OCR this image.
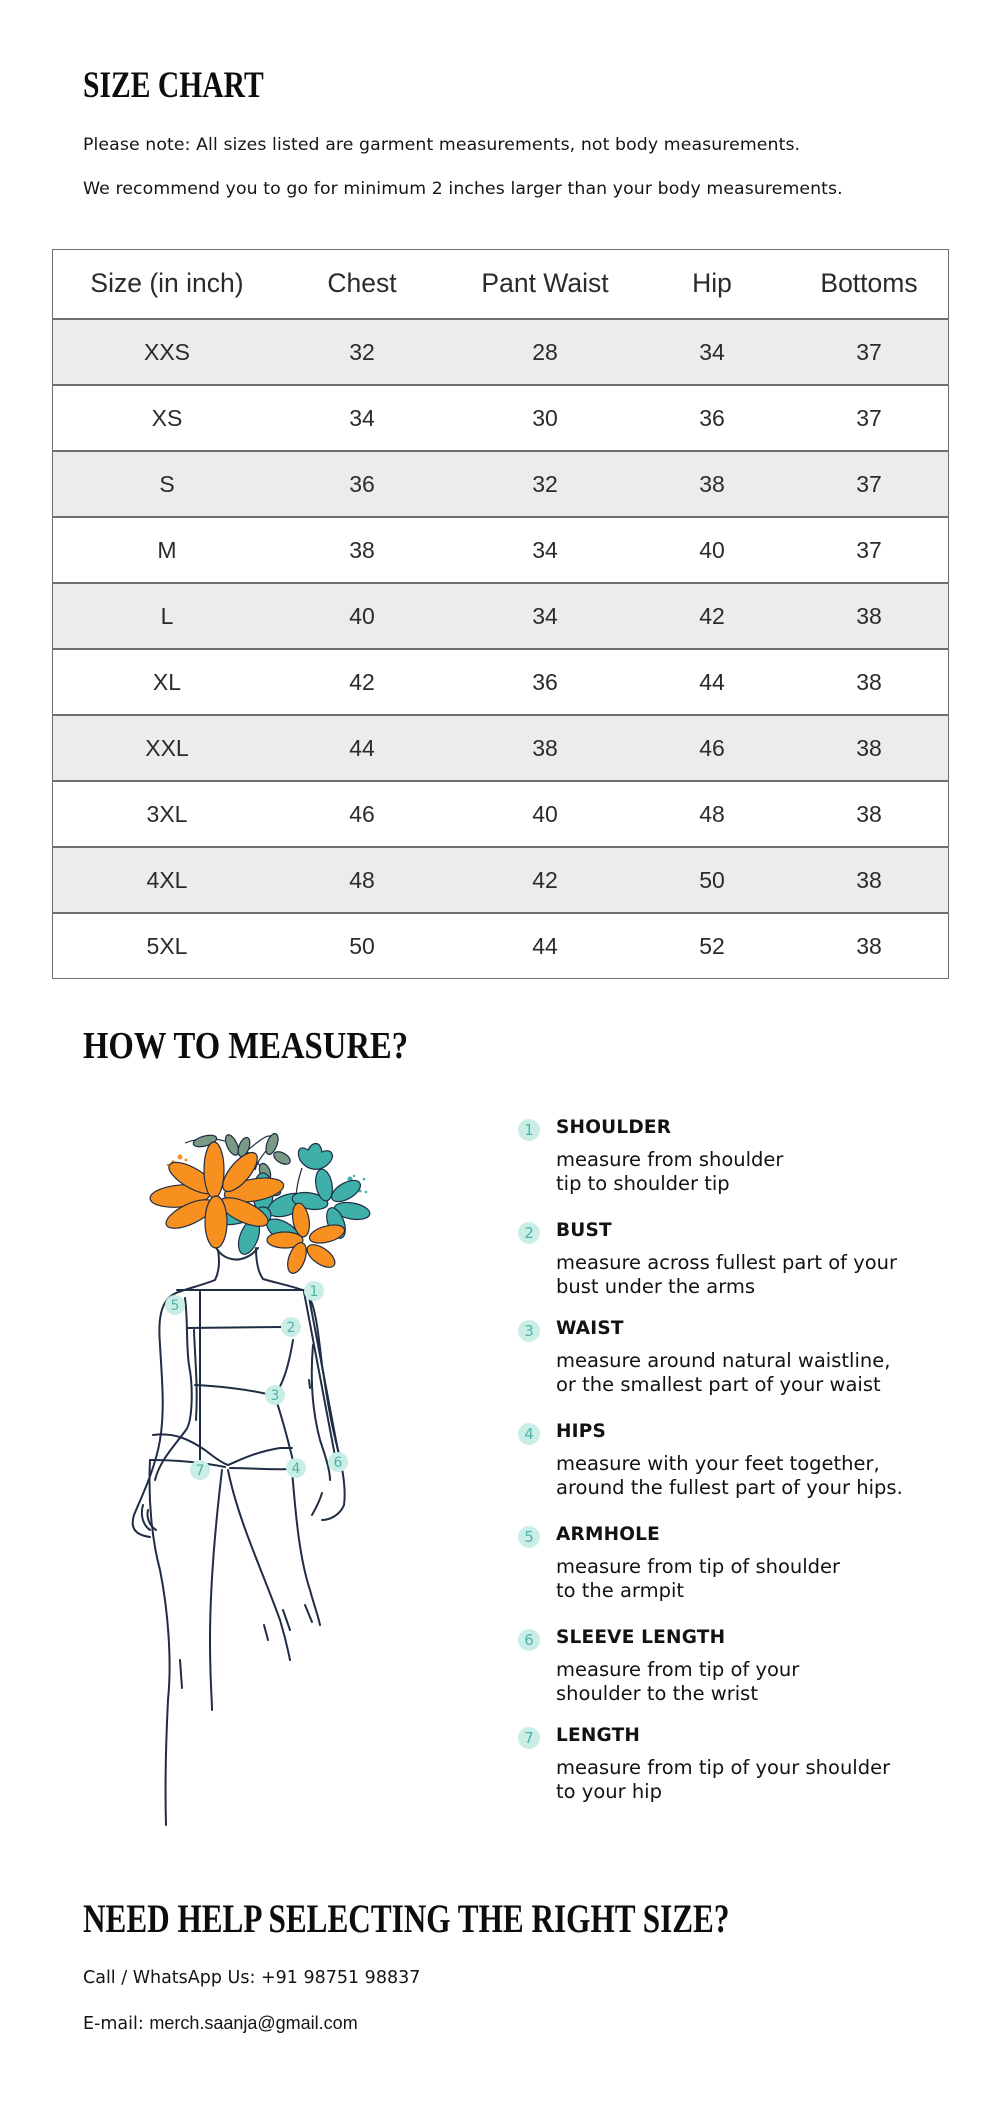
SIZE CHART
Please note: All sizes listed are garment measurements, not body measurements.
We recommend you to go for minimum 2 inches larger than your body measurements.
Size (in inch)	Chest	Pant Waist	Hip	Bottoms
XXS	32	28	34	37
XS	34	30	36	37
S	36	32	38	37
M	38	34	40	37
L	40	34	42	38
XL	42	36	44	38
XXL	44	38	46	38
3XL	46	40	48	38
4XL	48	42	50	38
5XL	50	44	52	38
HOW TO MEASURE?
1
5
2
3
6
4
7
1	SHOULDER
measure from shoulder
tip to shoulder tip
2	BUST
measure across fullest part of your
bust under the arms
3	WAIST
measure around natural waistline,
or the smallest part of your waist
4	HIPS
measure with your feet together,
around the fullest part of your hips.
5	ARMHOLE
measure from tip of shoulder
to the armpit
6	SLEEVE LENGTH
measure from tip of your
shoulder to the wrist
7	LENGTH
measure from tip of your shoulder
to your hip
NEED HELP SELECTING THE RIGHT SIZE?
Call / WhatsApp Us: +91 98751 98837
E-mail: merch.saanja@gmail.com
